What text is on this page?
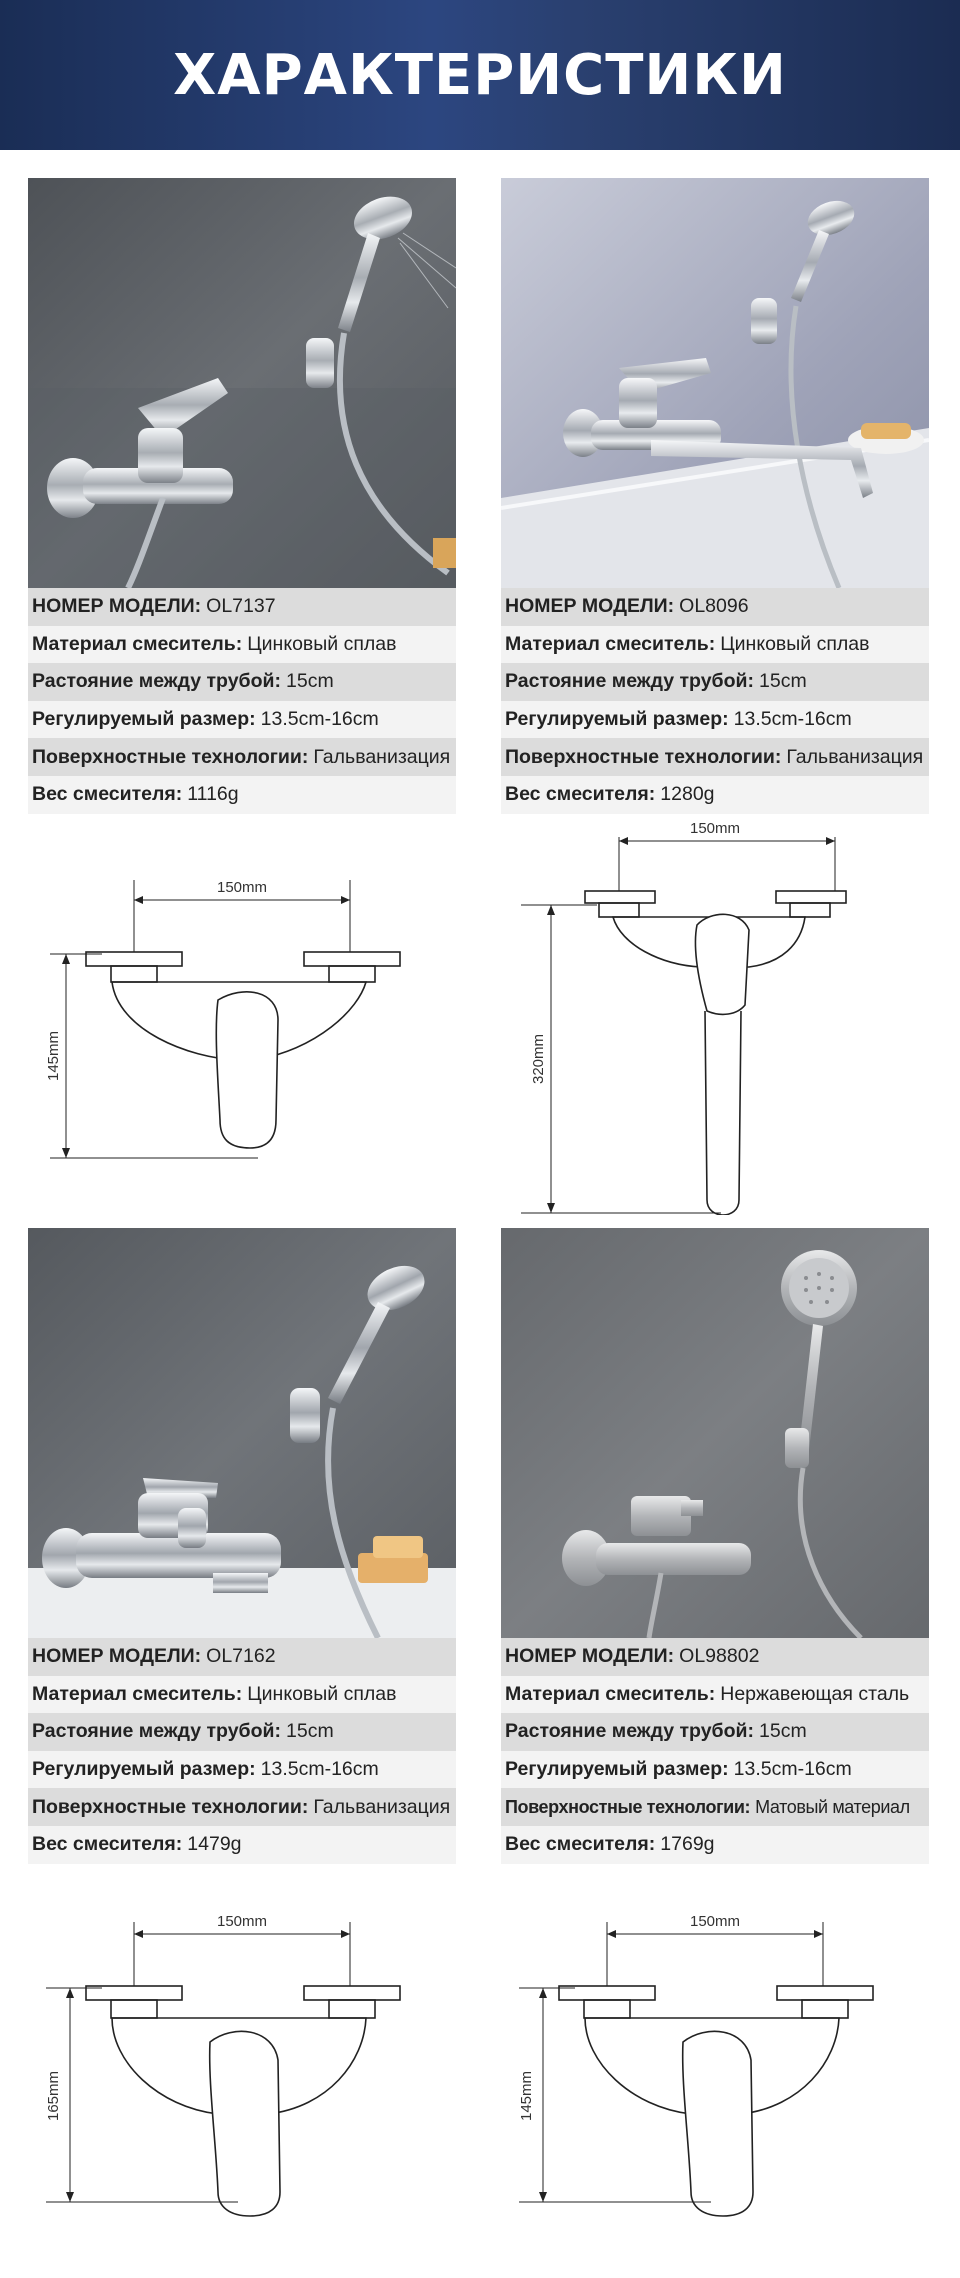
ХАРАКТЕРИСТИКИ
НОМЕР МОДЕЛИ: OL7137
Материал смеситель: Цинковый сплав
Растояние между трубой: 15cm
Регулируемый размер: 13.5cm-16cm
Поверхностные технологии: Гальванизация
Вес смесителя: 1116g
НОМЕР МОДЕЛИ: OL8096
Материал смеситель: Цинковый сплав
Растояние между трубой: 15cm
Регулируемый размер: 13.5cm-16cm
Поверхностные технологии: Гальванизация
Вес смесителя: 1280g
150mm
145mm
150mm
320mm
НОМЕР МОДЕЛИ: OL7162
Материал смеситель: Цинковый сплав
Растояние между трубой: 15cm
Регулируемый размер: 13.5cm-16cm
Поверхностные технологии: Гальванизация
Вес смесителя: 1479g
НОМЕР МОДЕЛИ: OL98802
Материал смеситель: Нержавеющая сталь
Растояние между трубой: 15cm
Регулируемый размер: 13.5cm-16cm
Поверхностные технологии: Матовый материал
Вес смесителя: 1769g
150mm
165mm
150mm
145mm
